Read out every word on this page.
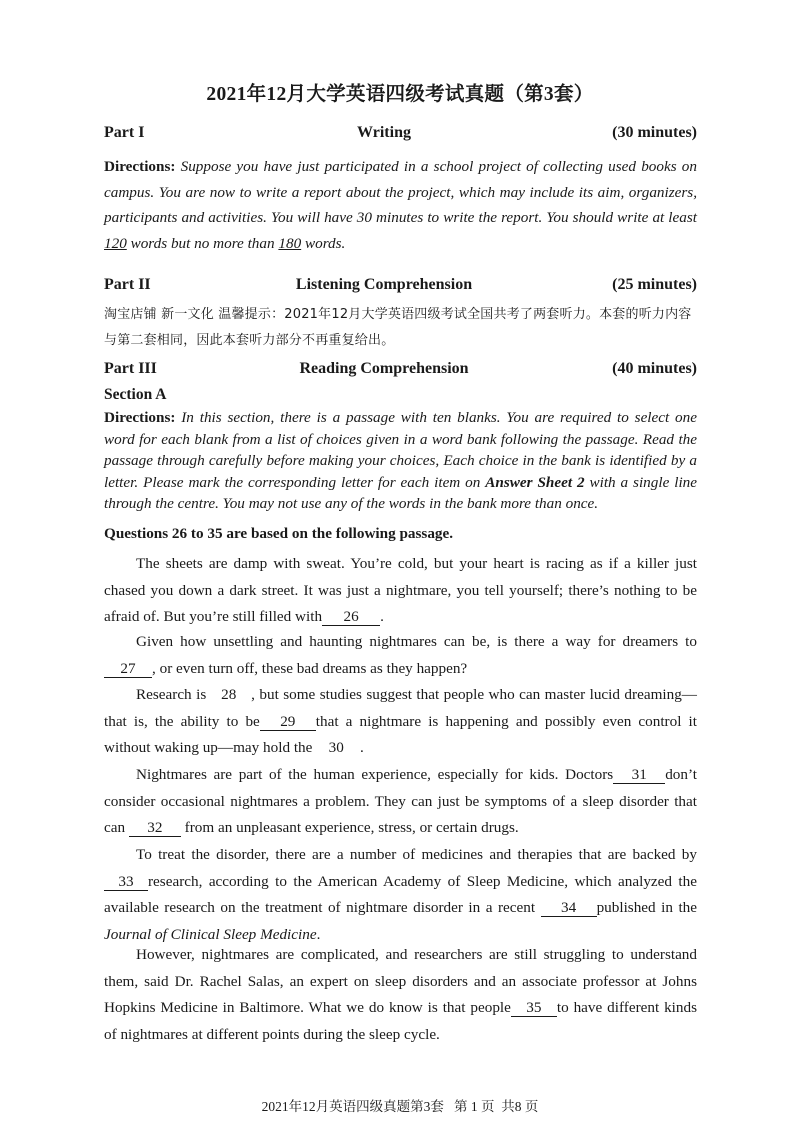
2021年12月大学英语四级考试真题（第3套）
Part I	Writing	(30 minutes)
Directions: Suppose you have just participated in a school project of collecting used books on campus. You are now to write a report about the project, which may include its aim, organizers, participants and activities. You will have 30 minutes to write the report. You should write at least 120 words but no more than 180 words.
Part II	Listening Comprehension	(25 minutes)
淘宝店铺 新一文化 温馨提示：2021年12月大学英语四级考试全国共考了两套听力。本套的听力内容与第二套相同，因此本套听力部分不再重复给出。
Part III	Reading Comprehension	(40 minutes)
Section A
Directions: In this section, there is a passage with ten blanks. You are required to select one word for each blank from a list of choices given in a word bank following the passage. Read the passage through carefully before making your choices, Each choice in the bank is identified by a letter. Please mark the corresponding letter for each item on Answer Sheet 2 with a single line through the centre. You may not use any of the words in the bank more than once.
Questions 26 to 35 are based on the following passage.
The sheets are damp with sweat. You’re cold, but your heart is racing as if a killer just chased you down a dark street. It was just a nightmare, you tell yourself; there’s nothing to be afraid of. But you’re still filled with 26 .
Given how unsettling and haunting nightmares can be, is there a way for dreamers to 27 , or even turn off, these bad dreams as they happen?
Research is 28 , but some studies suggest that people who can master lucid dreaming—that is, the ability to be 29 that a nightmare is happening and possibly even control it without waking up—may hold the 30 .
Nightmares are part of the human experience, especially for kids. Doctors 31 don’t consider occasional nightmares a problem. They can just be symptoms of a sleep disorder that can 32 from an unpleasant experience, stress, or certain drugs.
To treat the disorder, there are a number of medicines and therapies that are backed by33 research, according to the American Academy of Sleep Medicine, which analyzed the available research on the treatment of nightmare disorder in a recent 34 published in the Journal of Clinical Sleep Medicine.
However, nightmares are complicated, and researchers are still struggling to understand them, said Dr. Rachel Salas, an expert on sleep disorders and an associate professor at Johns Hopkins Medicine in Baltimore. What we do know is that people 35 to have different kinds of nightmares at different points during the sleep cycle.
2021年12月英语四级真题第3套 第 1 页 共8 页
